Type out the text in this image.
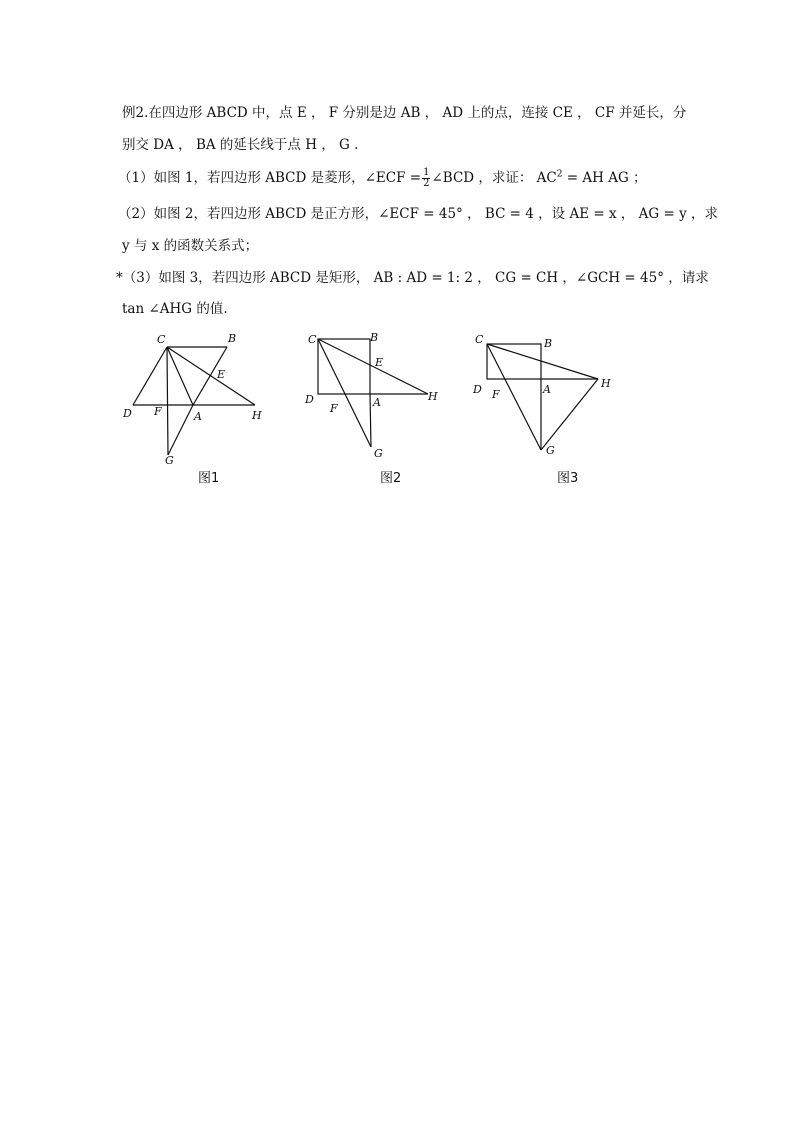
例2.在四边形 ABCD 中，点 E ， F 分别是边 AB ， AD 上的点，连接 CE ， CF 并延长，分
别交 DA ， BA 的延长线于点 H ， G .
（1）如图 1，若四边形 ABCD 是菱形，∠ECF = $\frac{1}{2}$ ∠BCD ，求证： $AC^2$ = AH AG ；
（2）如图 2，若四边形 ABCD 是正方形，∠ECF = 45° ， BC = 4 ，设 AE = x ， AG = y ，求
y 与 x 的函数关系式；
*（3）如图 3，若四边形 ABCD 是矩形， AB : AD = 1: 2 ， CG = CH ，∠GCH = 45° ，请求
tan ∠AHG 的值.
C	B
E
D F	A	H
G
C	B
E
D
F	A	H
G
C	B
D F	A	H
G
图1	图2	图3
